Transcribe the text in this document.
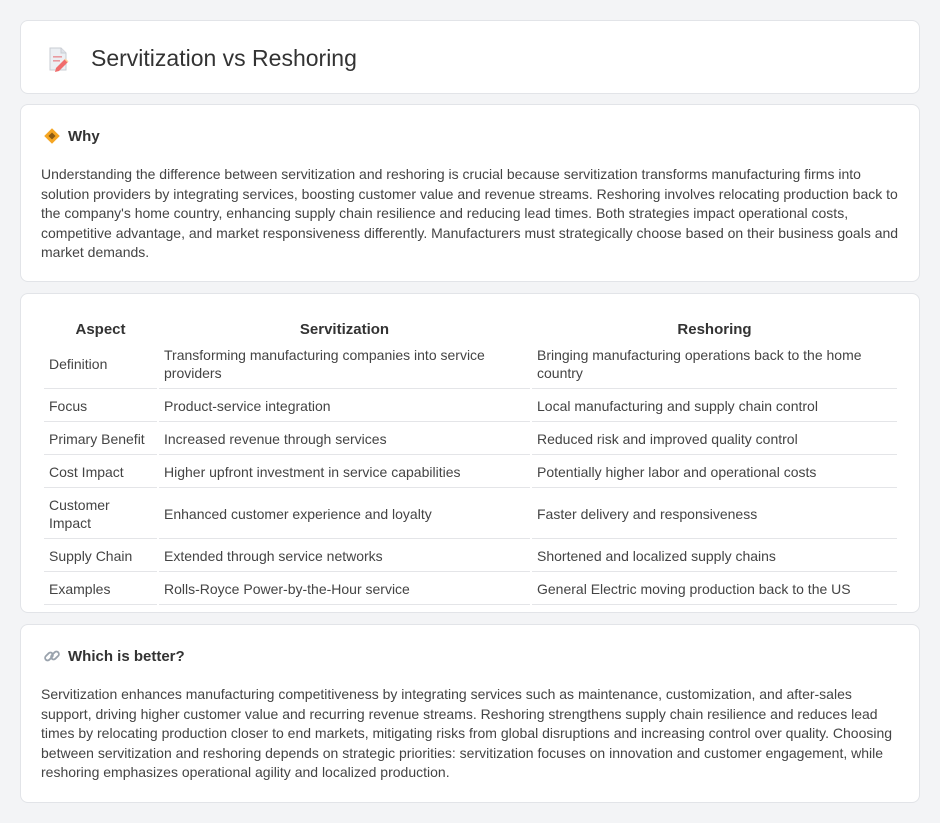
Servitization vs Reshoring
Why

Understanding the difference between servitization and reshoring is crucial because servitization transforms manufacturing firms into solution providers by integrating services, boosting customer value and revenue streams. Reshoring involves relocating production back to the company's home country, enhancing supply chain resilience and reducing lead times. Both strategies impact operational costs, competitive advantage, and market responsiveness differently. Manufacturers must strategically choose based on their business goals and market demands.

Aspect	Servitization	Reshoring
Definition	Transforming manufacturing companies into service providers	Bringing manufacturing operations back to the home country
Focus	Product-service integration	Local manufacturing and supply chain control
Primary Benefit	Increased revenue through services	Reduced risk and improved quality control
Cost Impact	Higher upfront investment in service capabilities	Potentially higher labor and operational costs
Customer Impact	Enhanced customer experience and loyalty	Faster delivery and responsiveness
Supply Chain	Extended through service networks	Shortened and localized supply chains
Examples	Rolls-Royce Power-by-the-Hour service	General Electric moving production back to the US
Which is better?

Servitization enhances manufacturing competitiveness by integrating services such as maintenance, customization, and after-sales support, driving higher customer value and recurring revenue streams. Reshoring strengthens supply chain resilience and reduces lead times by relocating production closer to end markets, mitigating risks from global disruptions and increasing control over quality. Choosing between servitization and reshoring depends on strategic priorities: servitization focuses on innovation and customer engagement, while reshoring emphasizes operational agility and localized production.
